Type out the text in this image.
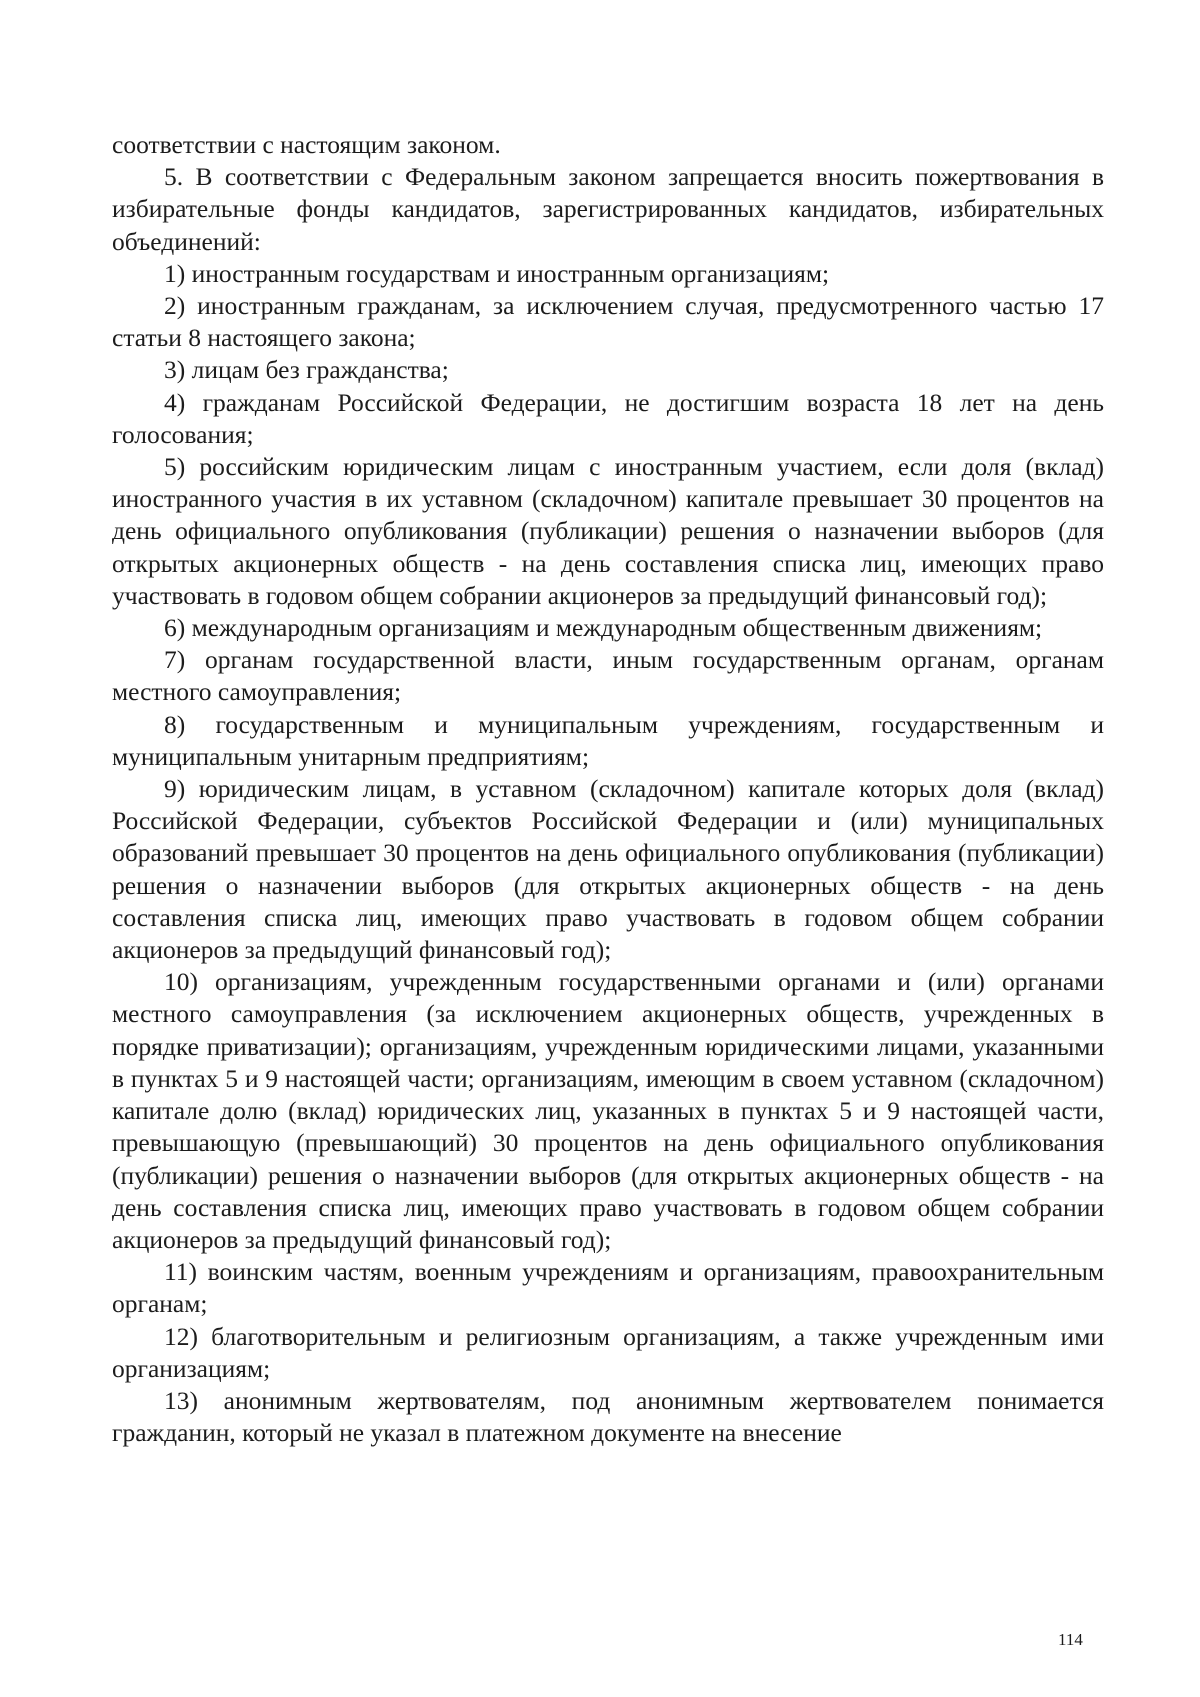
соответствии с настоящим законом.

5. В соответствии с Федеральным законом запрещается вносить пожертвования в избирательные фонды кандидатов, зарегистрированных кандидатов, избирательных объединений:

1) иностранным государствам и иностранным организациям;

2) иностранным гражданам, за исключением случая, предусмотренного частью 17 статьи 8 настоящего закона;

3) лицам без гражданства;

4) гражданам Российской Федерации, не достигшим возраста 18 лет на день голосования;

5) российским юридическим лицам с иностранным участием, если доля (вклад) иностранного участия в их уставном (складочном) капитале превышает 30 процентов на день официального опубликования (публикации) решения о назначении выборов (для открытых акционерных обществ - на день составления списка лиц, имеющих право участвовать в годовом общем собрании акционеров за предыдущий финансовый год);

6) международным организациям и международным общественным движениям;

7) органам государственной власти, иным государственным органам, органам местного самоуправления;

8) государственным и муниципальным учреждениям, государственным и муниципальным унитарным предприятиям;

9) юридическим лицам, в уставном (складочном) капитале которых доля (вклад) Российской Федерации, субъектов Российской Федерации и (или) муниципальных образований превышает 30 процентов на день официального опубликования (публикации) решения о назначении выборов (для открытых акционерных обществ - на день составления списка лиц, имеющих право участвовать в годовом общем собрании акционеров за предыдущий финансовый год);

10) организациям, учрежденным государственными органами и (или) органами местного самоуправления (за исключением акционерных обществ, учрежденных в порядке приватизации); организациям, учрежденным юридическими лицами, указанными в пунктах 5 и 9 настоящей части; организациям, имеющим в своем уставном (складочном) капитале долю (вклад) юридических лиц, указанных в пунктах 5 и 9 настоящей части, превышающую (превышающий) 30 процентов на день официального опубликования (публикации) решения о назначении выборов (для открытых акционерных обществ - на день составления списка лиц, имеющих право участвовать в годовом общем собрании акционеров за предыдущий финансовый год);

11) воинским частям, военным учреждениям и организациям, правоохранительным органам;

12) благотворительным и религиозным организациям, а также учрежденным ими организациям;

13) анонимным жертвователям, под анонимным жертвователем понимается гражданин, который не указал в платежном документе на внесение

114
